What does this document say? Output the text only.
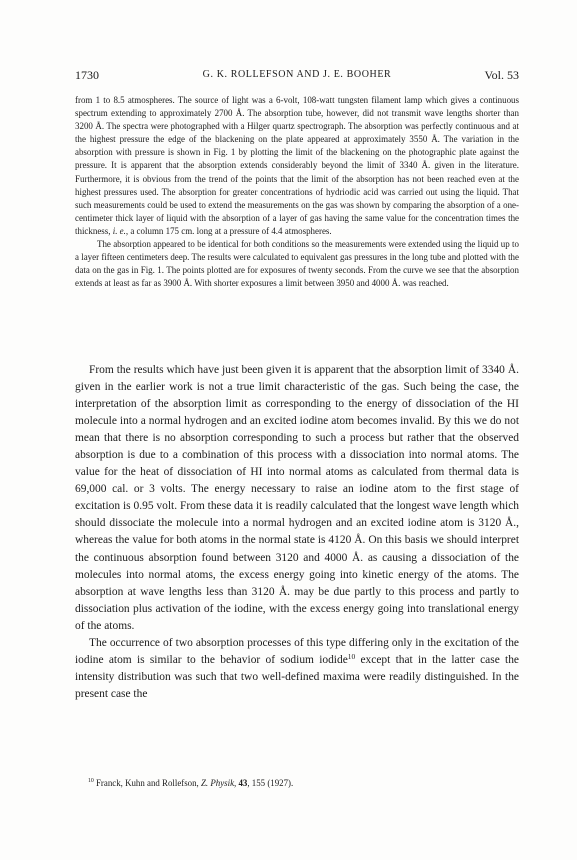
1730	G. K. ROLLEFSON AND J. E. BOOHER	Vol. 53

from 1 to 8.5 atmospheres. The source of light was a 6-volt, 108-watt tungsten filament lamp which gives a continuous spectrum extending to approximately 2700 Å. The absorption tube, however, did not transmit wave lengths shorter than 3200 Å. The spectra were photographed with a Hilger quartz spectrograph. The absorption was perfectly continuous and at the highest pressure the edge of the blackening on the plate appeared at approximately 3550 Å. The variation in the absorption with pressure is shown in Fig. 1 by plotting the limit of the blackening on the photographic plate against the pressure. It is apparent that the absorption extends considerably beyond the limit of 3340 Å. given in the literature. Furthermore, it is obvious from the trend of the points that the limit of the absorption has not been reached even at the highest pressures used. The absorption for greater concentrations of hydriodic acid was carried out using the liquid. That such measurements could be used to extend the measurements on the gas was shown by comparing the absorption of a one-centimeter thick layer of liquid with the absorption of a layer of gas having the same value for the concentration times the thickness, i. e., a column 175 cm. long at a pressure of 4.4 atmospheres.

The absorption appeared to be identical for both conditions so the measurements were extended using the liquid up to a layer fifteen centimeters deep. The results were calculated to equivalent gas pressures in the long tube and plotted with the data on the gas in Fig. 1. The points plotted are for exposures of twenty seconds. From the curve we see that the absorption extends at least as far as 3900 Å. With shorter exposures a limit between 3950 and 4000 Å. was reached.

From the results which have just been given it is apparent that the absorption limit of 3340 Å. given in the earlier work is not a true limit characteristic of the gas. Such being the case, the interpretation of the absorption limit as corresponding to the energy of dissociation of the HI molecule into a normal hydrogen and an excited iodine atom becomes invalid. By this we do not mean that there is no absorption corresponding to such a process but rather that the observed absorption is due to a combination of this process with a dissociation into normal atoms. The value for the heat of dissociation of HI into normal atoms as calculated from thermal data is 69,000 cal. or 3 volts. The energy necessary to raise an iodine atom to the first stage of excitation is 0.95 volt. From these data it is readily calculated that the longest wave length which should dissociate the molecule into a normal hydrogen and an excited iodine atom is 3120 Å., whereas the value for both atoms in the normal state is 4120 Å. On this basis we should interpret the continuous absorption found between 3120 and 4000 Å. as causing a dissociation of the molecules into normal atoms, the excess energy going into kinetic energy of the atoms. The absorption at wave lengths less than 3120 Å. may be due partly to this process and partly to dissociation plus activation of the iodine, with the excess energy going into translational energy of the atoms.

The occurrence of two absorption processes of this type differing only in the excitation of the iodine atom is similar to the behavior of sodium iodide$^{10}$ except that in the latter case the intensity distribution was such that two well-defined maxima were readily distinguished. In the present case the

$^{10}$ Franck, Kuhn and Rollefson, Z. Physik, 43, 155 (1927).
